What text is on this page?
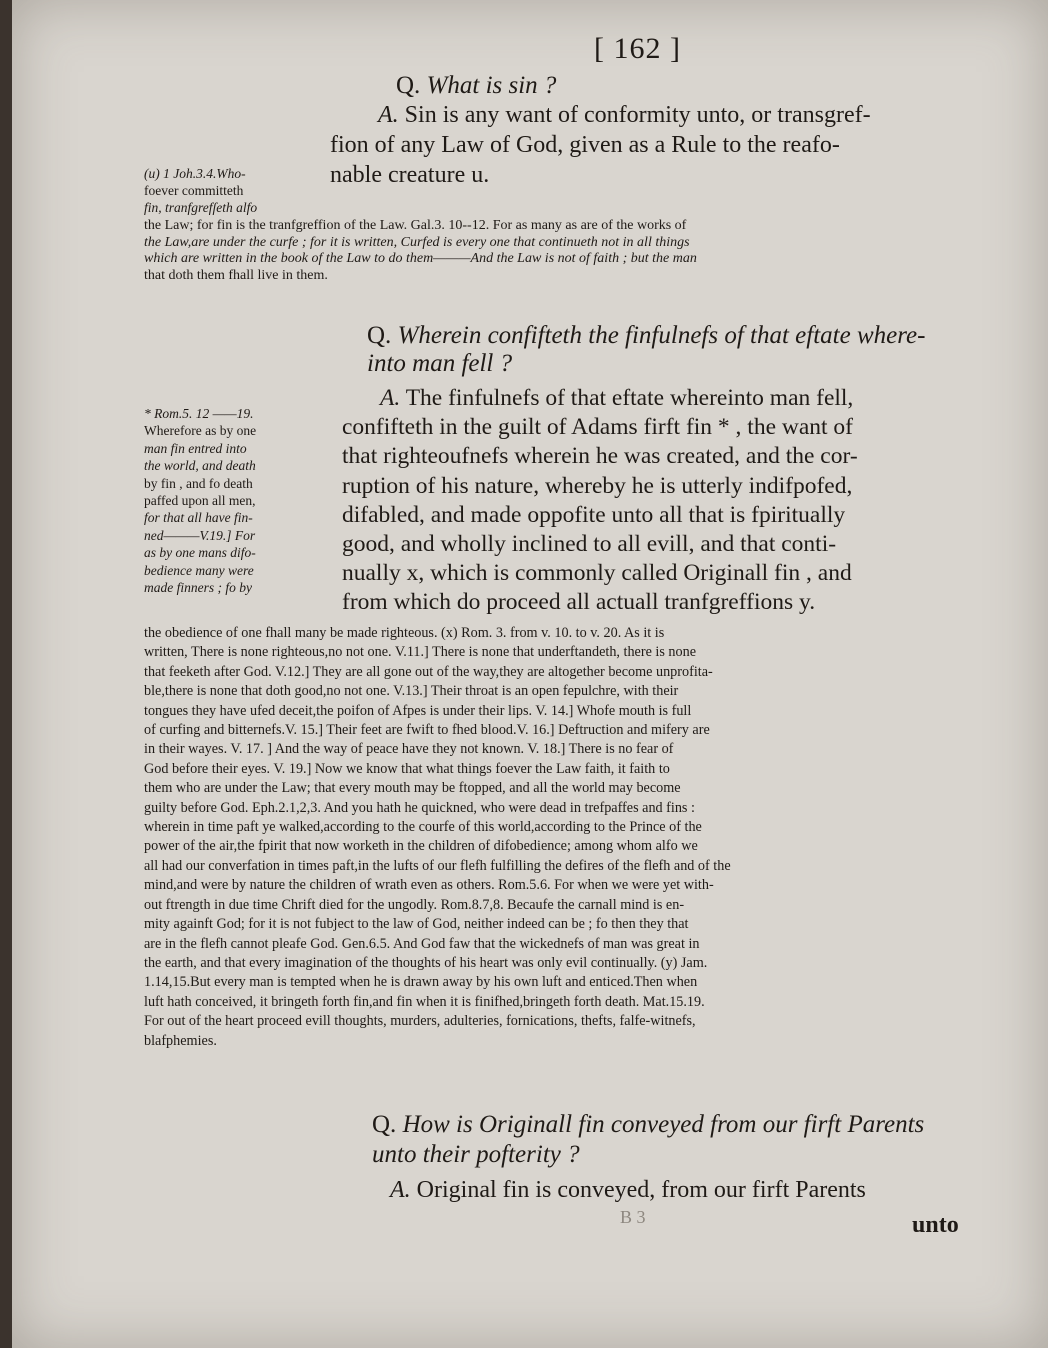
[ 162 ]
Q. What is sin ?
A. Sin is any want of conformity unto, or transgref-
fion of any Law of God, given as a Rule to the reafo-
nable creature u.
(u) 1 Joh.3.4.Who-
foever committeth
fin, tranfgrefſeth alfo
the Law; for fin is the tranfgreffion of the Law. Gal.3. 10--12. For as many as are of the works of
the Law,are under the curfe ; for it is written, Curfed is every one that continueth not in all things
which are written in the book of the Law to do them———And the Law is not of faith ; but the man
that doth them fhall live in them.
Q. Wherein confifteth the finfulnefs of that eftate where-
into man fell ?
A. The finfulnefs of that eftate whereinto man fell,
confifteth in the guilt of Adams firft fin * , the want of
that righteoufnefs wherein he was created, and the cor-
ruption of his nature, whereby he is utterly indifpofed,
difabled, and made oppofite unto all that is fpiritually
good, and wholly inclined to all evill, and that conti-
nually x, which is commonly called Originall fin , and
from which do proceed all actuall tranfgreffions y.
* Rom.5. 12 ——19.
Wherefore as by one
man fin entred into
the world, and death
by fin , and fo death
paffed upon all men,
for that all have fin-
ned———V.19.] For
as by one mans difo-
bedience many were
made finners ; fo by
the obedience of one fhall many be made righteous. (x) Rom. 3. from v. 10. to v. 20. As it is
written, There is none righteous,no not one. V.11.] There is none that underftandeth, there is none
that feeketh after God. V.12.] They are all gone out of the way,they are altogether become unprofita-
ble,there is none that doth good,no not one. V.13.] Their throat is an open fepulchre, with their
tongues they have ufed deceit,the poifon of Afpes is under their lips. V. 14.] Whofe mouth is full
of curfing and bitternefs.V. 15.] Their feet are fwift to fhed blood.V. 16.] Deftruction and mifery are
in their wayes. V. 17. ] And the way of peace have they not known. V. 18.] There is no fear of
God before their eyes. V. 19.] Now we know that what things foever the Law faith, it faith to
them who are under the Law; that every mouth may be ftopped, and all the world may become
guilty before God. Eph.2.1,2,3. And you hath he quickned, who were dead in trefpaffes and fins :
wherein in time paft ye walked,according to the courfe of this world,according to the Prince of the
power of the air,the fpirit that now worketh in the children of difobedience; among whom alfo we
all had our converfation in times paft,in the lufts of our flefh fulfilling the defires of the flefh and of the
mind,and were by nature the children of wrath even as others. Rom.5.6. For when we were yet with-
out ftrength in due time Chrift died for the ungodly. Rom.8.7,8. Becaufe the carnall mind is en-
mity againft God; for it is not fubject to the law of God, neither indeed can be ; fo then they that
are in the flefh cannot pleafe God. Gen.6.5. And God faw that the wickednefs of man was great in
the earth, and that every imagination of the thoughts of his heart was only evil continually. (y) Jam.
1.14,15.But every man is tempted when he is drawn away by his own luft and enticed.Then when
luft hath conceived, it bringeth forth fin,and fin when it is finifhed,bringeth forth death. Mat.15.19.
For out of the heart proceed evill thoughts, murders, adulteries, fornications, thefts, falfe-witnefs,
blafphemies.
Q. How is Originall fin conveyed from our firft Parents
unto their pofterity ?
A. Original fin is conveyed, from our firft Parents
B 3	unto
